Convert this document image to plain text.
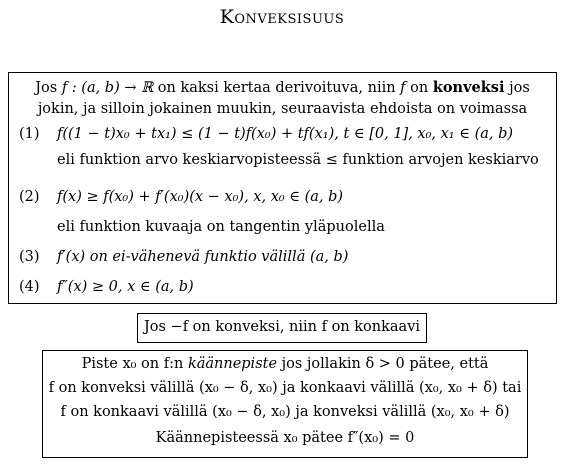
Konveksisuus
Jos f : (a, b) → ℝ on kaksi kertaa derivoituva, niin f on konveksi jos
jokin, ja silloin jokainen muukin, seuraavista ehdoista on voimassa
(1) f((1 − t)x₀ + tx₁) ≤ (1 − t)f(x₀) + tf(x₁), t ∈ [0, 1], x₀, x₁ ∈ (a, b)
eli funktion arvo keskiarvopisteessä ≤ funktion arvojen keskiarvo
(2) f(x) ≥ f(x₀) + f′(x₀)(x − x₀), x, x₀ ∈ (a, b)
eli funktion kuvaaja on tangentin yläpuolella
(3) f′(x) on ei-vähenevä funktio välillä (a, b)
(4) f″(x) ≥ 0, x ∈ (a, b)
Jos −f on konveksi, niin f on konkaavi
Piste x₀ on f:n käännepiste jos jollakin δ > 0 pätee, että
f on konveksi välillä (x₀ − δ, x₀) ja konkaavi välillä (x₀, x₀ + δ) tai
f on konkaavi välillä (x₀ − δ, x₀) ja konveksi välillä (x₀, x₀ + δ)
Käännepisteessä x₀ pätee f″(x₀) = 0
